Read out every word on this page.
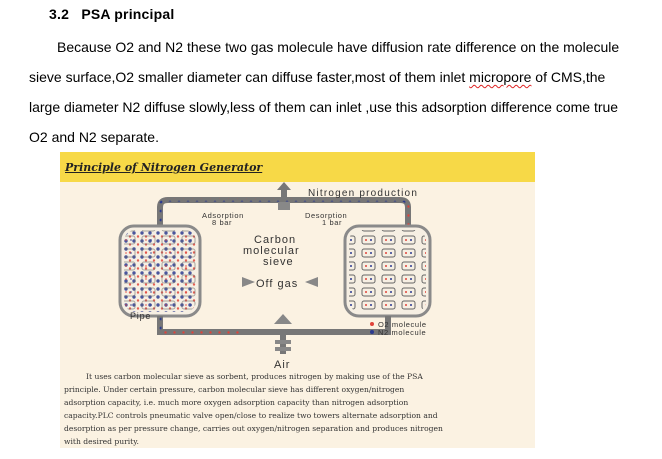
3.2 PSA principal
Because O2 and N2 these two gas molecule have diffusion rate difference on the molecule
sieve surface,O2 smaller diameter can diffuse faster,most of them inlet micropore of CMS,the
large diameter N2 diffuse slowly,less of them can inlet ,use this adsorption difference come true
O2 and N2 separate.
Principle of Nitrogen Generator
Nitrogen production
Adsorption
8 bar
Desorption
1 bar
Carbon
molecular
sieve
Off gas
Pipe
Air
O2 molecule
N2 molecule
It uses carbon molecular sieve as sorbent, produces nitrogen by making use of the PSA
principle. Under certain pressure, carbon molecular sieve has different oxygen/nitrogen
adsorption capacity, i.e. much more oxygen adsorption capacity than nitrogen adsorption
capacity.PLC controls pneumatic valve open/close to realize two towers alternate adsorption and
desorption as per pressure change, carries out oxygen/nitrogen separation and produces nitrogen
with desired purity.
